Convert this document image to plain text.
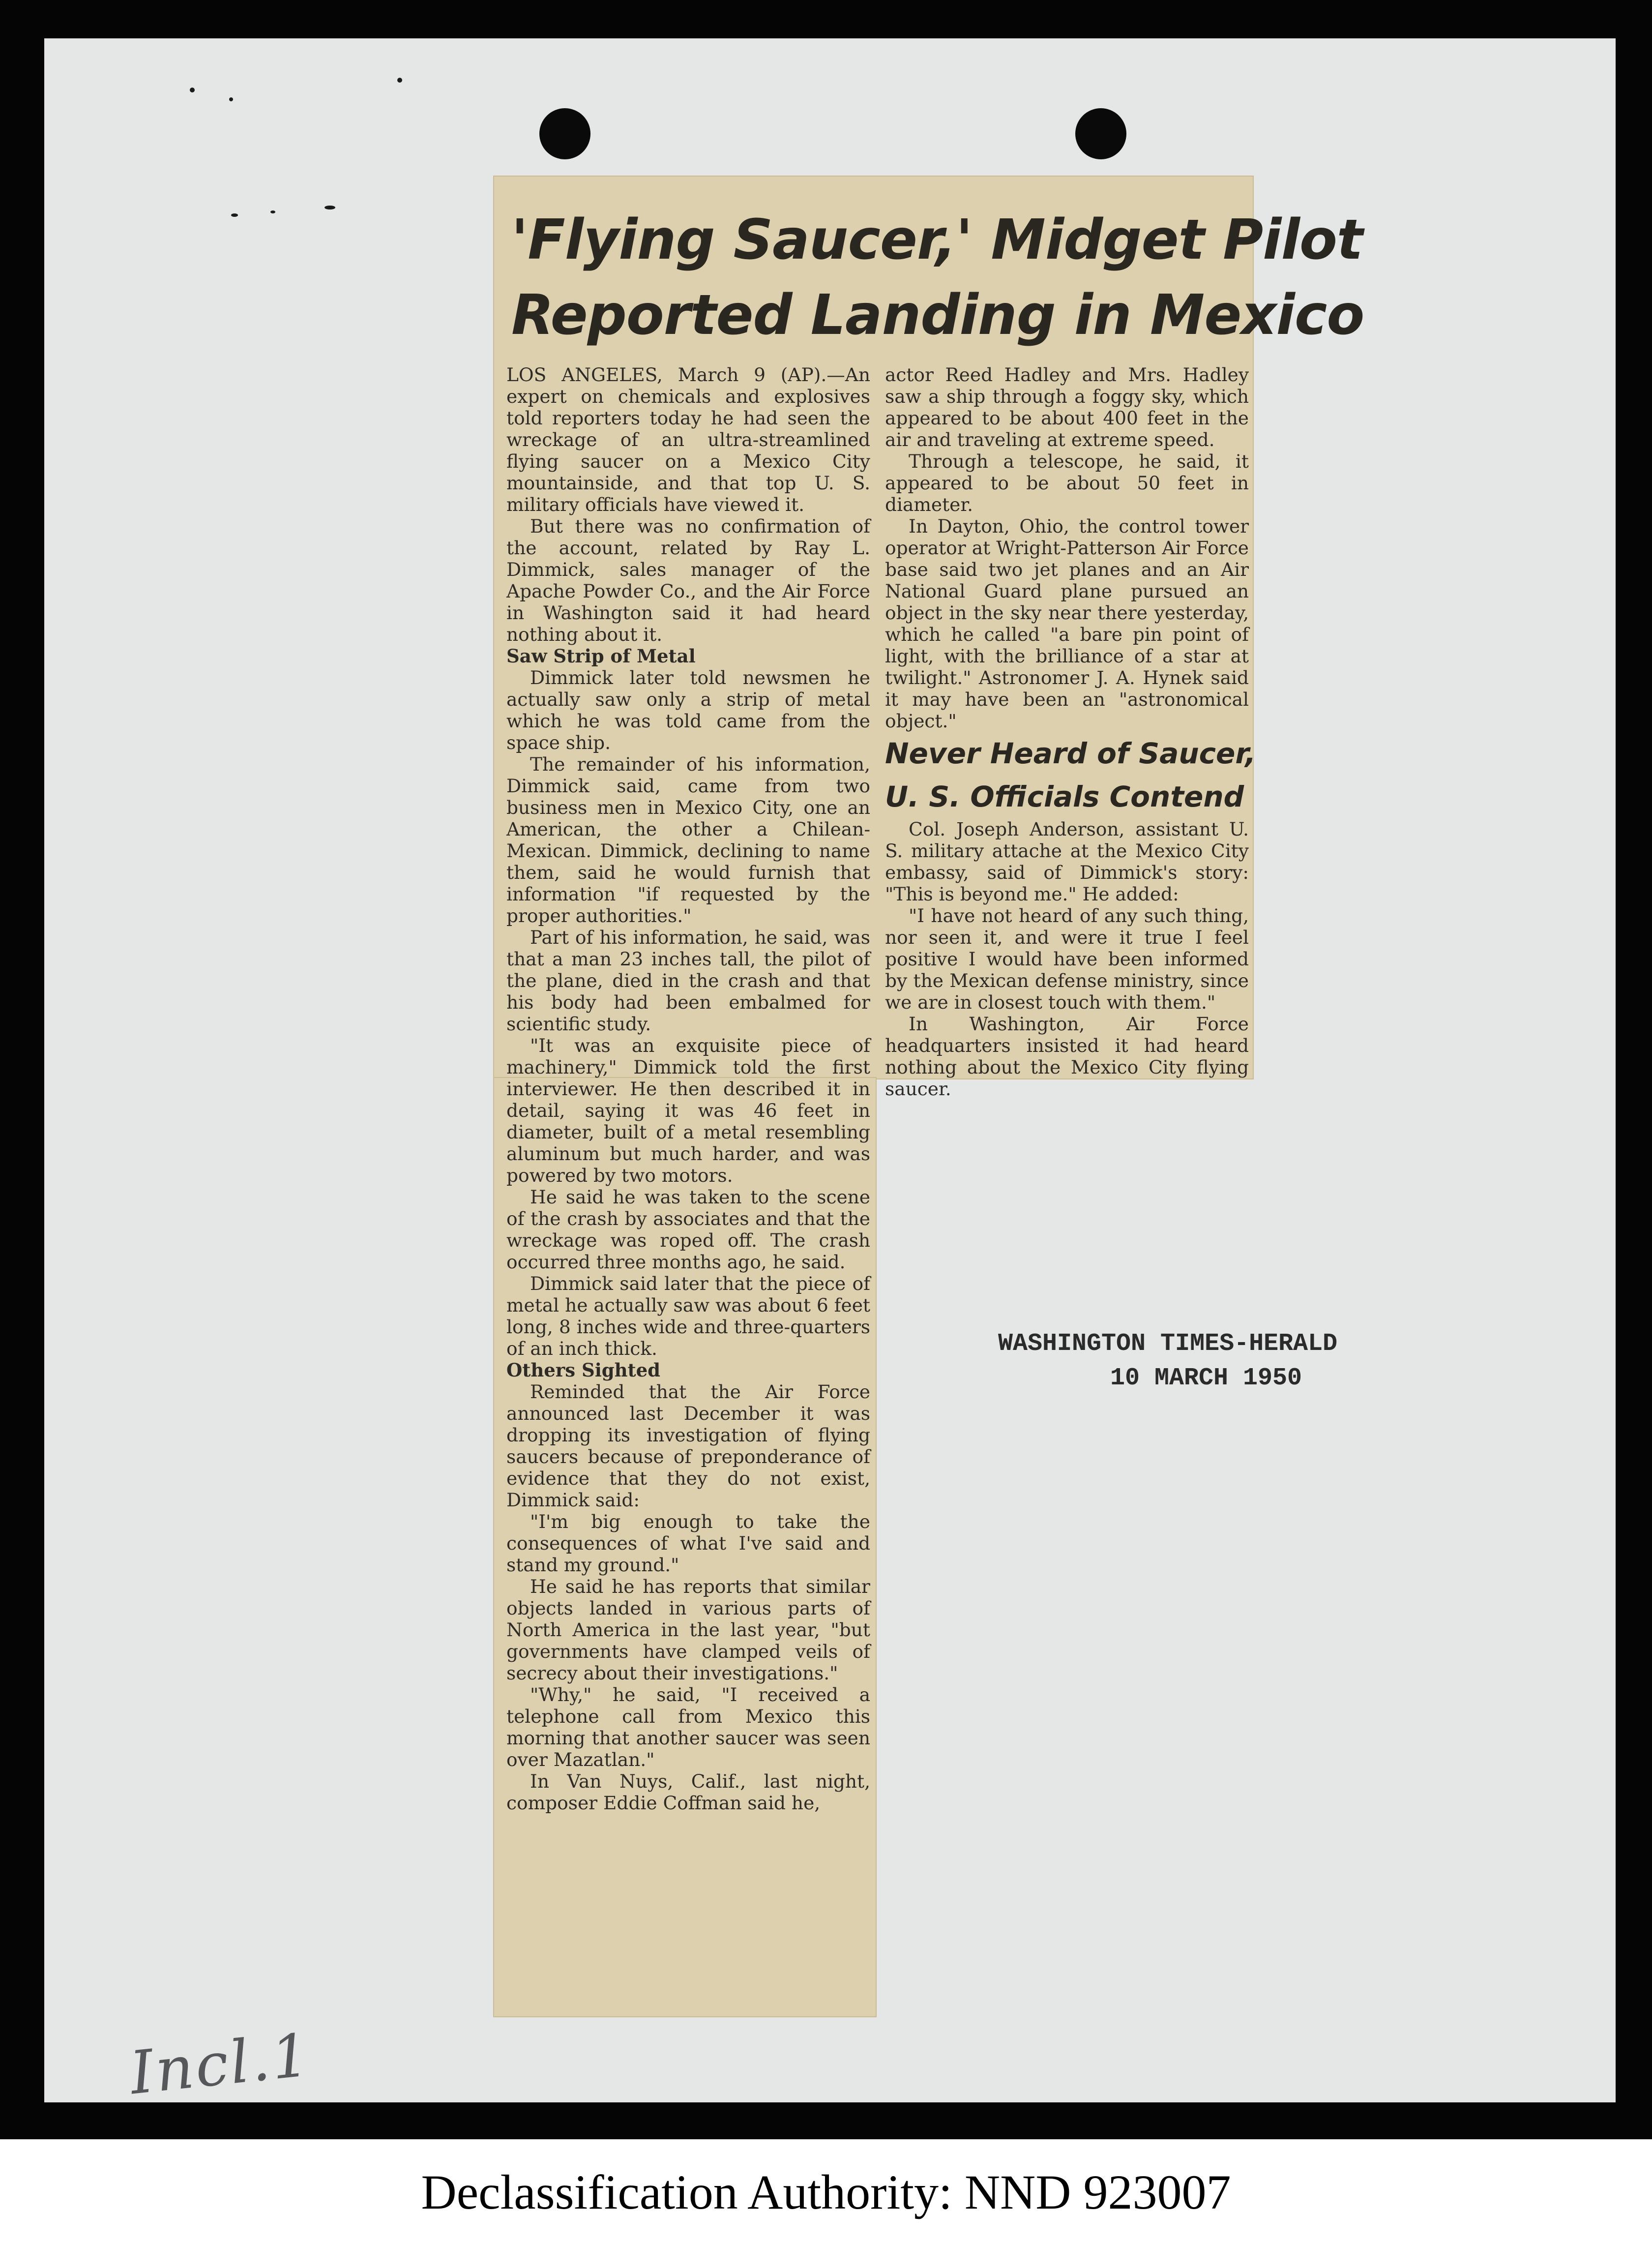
'Flying Saucer,' Midget Pilot
Reported Landing in Mexico

LOS ANGELES, March 9 (AP).—An expert on chemicals and explosives told reporters today he had seen the wreckage of an ultra-streamlined flying saucer on a Mexico City mountainside, and that top U. S. military officials have viewed it.

But there was no confirmation of the account, related by Ray L. Dimmick, sales manager of the Apache Powder Co., and the Air Force in Washington said it had heard nothing about it.

Saw Strip of Metal

Dimmick later told newsmen he actually saw only a strip of metal which he was told came from the space ship.

The remainder of his information, Dimmick said, came from two business men in Mexico City, one an American, the other a Chilean-Mexican. Dimmick, declining to name them, said he would furnish that information "if requested by the proper authorities."

Part of his information, he said, was that a man 23 inches tall, the pilot of the plane, died in the crash and that his body had been embalmed for scientific study.

"It was an exquisite piece of machinery," Dimmick told the first interviewer. He then described it in detail, saying it was 46 feet in diameter, built of a metal resembling aluminum but much harder, and was powered by two motors.

He said he was taken to the scene of the crash by associates and that the wreckage was roped off. The crash occurred three months ago, he said.

Dimmick said later that the piece of metal he actually saw was about 6 feet long, 8 inches wide and three-quarters of an inch thick.

Others Sighted

Reminded that the Air Force announced last December it was dropping its investigation of flying saucers because of preponderance of evidence that they do not exist, Dimmick said:

"I'm big enough to take the consequences of what I've said and stand my ground."

He said he has reports that similar objects landed in various parts of North America in the last year, "but governments have clamped veils of secrecy about their investigations."

"Why," he said, "I received a telephone call from Mexico this morning that another saucer was seen over Mazatlan."

In Van Nuys, Calif., last night, composer Eddie Coffman said he,

actor Reed Hadley and Mrs. Hadley saw a ship through a foggy sky, which appeared to be about 400 feet in the air and traveling at extreme speed.

Through a telescope, he said, it appeared to be about 50 feet in diameter.

In Dayton, Ohio, the control tower operator at Wright-Patterson Air Force base said two jet planes and an Air National Guard plane pursued an object in the sky near there yesterday, which he called "a bare pin point of light, with the brilliance of a star at twilight." Astronomer J. A. Hynek said it may have been an "astronomical object."

Never Heard of Saucer,

U. S. Officials Contend

Col. Joseph Anderson, assistant U. S. military attache at the Mexico City embassy, said of Dimmick's story: "This is beyond me." He added:

"I have not heard of any such thing, nor seen it, and were it true I feel positive I would have been informed by the Mexican defense ministry, since we are in closest touch with them."

In Washington, Air Force headquarters insisted it had heard nothing about the Mexico City flying saucer.

WASHINGTON TIMES-HERALD
10 MARCH 1950
Incl.1
Declassification Authority: NND 923007
